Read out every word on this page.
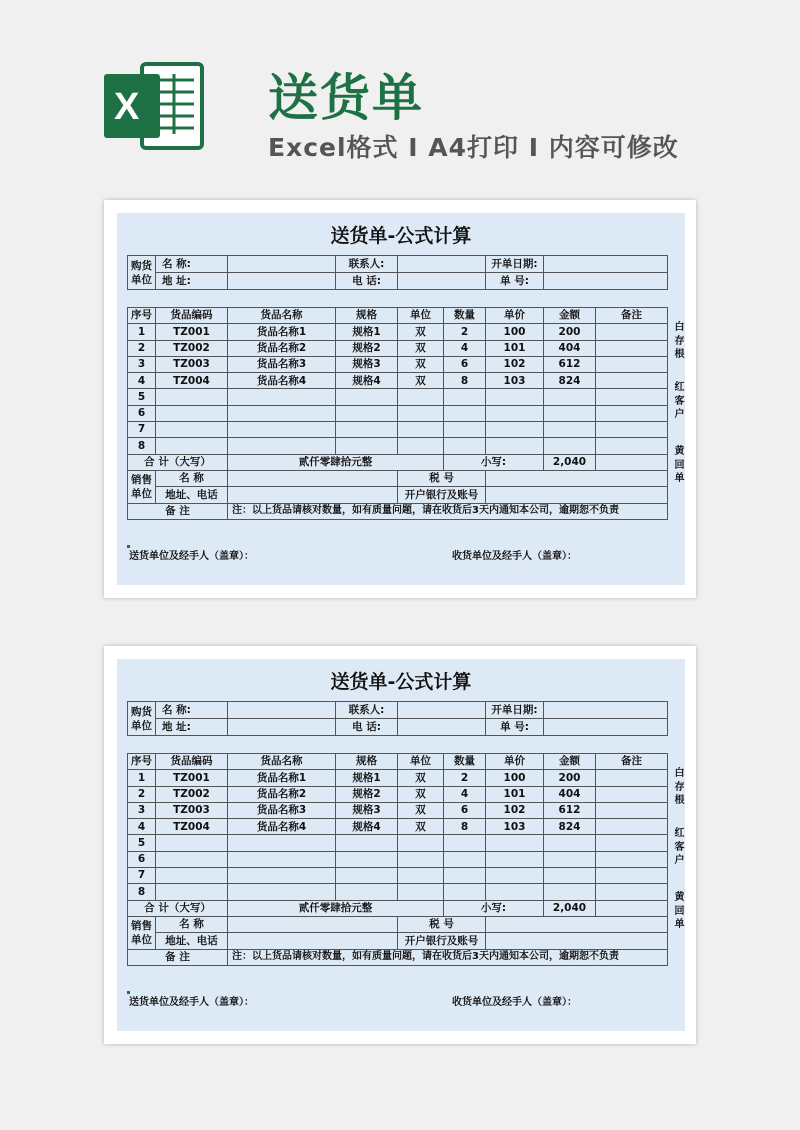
X	送货单
Excel格式 I A4打印 I 内容可修改
送货单-公式计算
购货单位	名 称:		联系人:		开单日期:	
	地 址:		电 话:		单 号:	
序号	货品编码	货品名称	规格	单位	数量	单价	金额	备注
1	TZ001	货品名称1	规格1	双	2	100	200	
2	TZ002	货品名称2	规格2	双	4	101	404	
3	TZ003	货品名称3	规格3	双	6	102	612	
4	TZ004	货品名称4	规格4	双	8	103	824	
5								
6								
7								
8								
合 计（大写）		贰仟零肆拾元整			小写:		2,040	
销售单位	名 称			税 号				
	地址、电话			开户银行及账号				
备 注		注：以上货品请核对数量，如有质量问题，请在收货后3天内通知本公司，逾期恕不负责						
白
存
根
红
客
户
黄
回
单
送货单位及经手人（盖章）：	收货单位及经手人（盖章）：
送货单-公式计算
购货单位	名 称:		联系人:		开单日期:	
	地 址:		电 话:		单 号:	
序号	货品编码	货品名称	规格	单位	数量	单价	金额	备注
1	TZ001	货品名称1	规格1	双	2	100	200	
2	TZ002	货品名称2	规格2	双	4	101	404	
3	TZ003	货品名称3	规格3	双	6	102	612	
4	TZ004	货品名称4	规格4	双	8	103	824	
5								
6								
7								
8								
合 计（大写）		贰仟零肆拾元整			小写:		2,040	
销售单位	名 称			税 号				
	地址、电话			开户银行及账号				
备 注		注：以上货品请核对数量，如有质量问题，请在收货后3天内通知本公司，逾期恕不负责						
白
存
根
红
客
户
黄
回
单
送货单位及经手人（盖章）：	收货单位及经手人（盖章）：
